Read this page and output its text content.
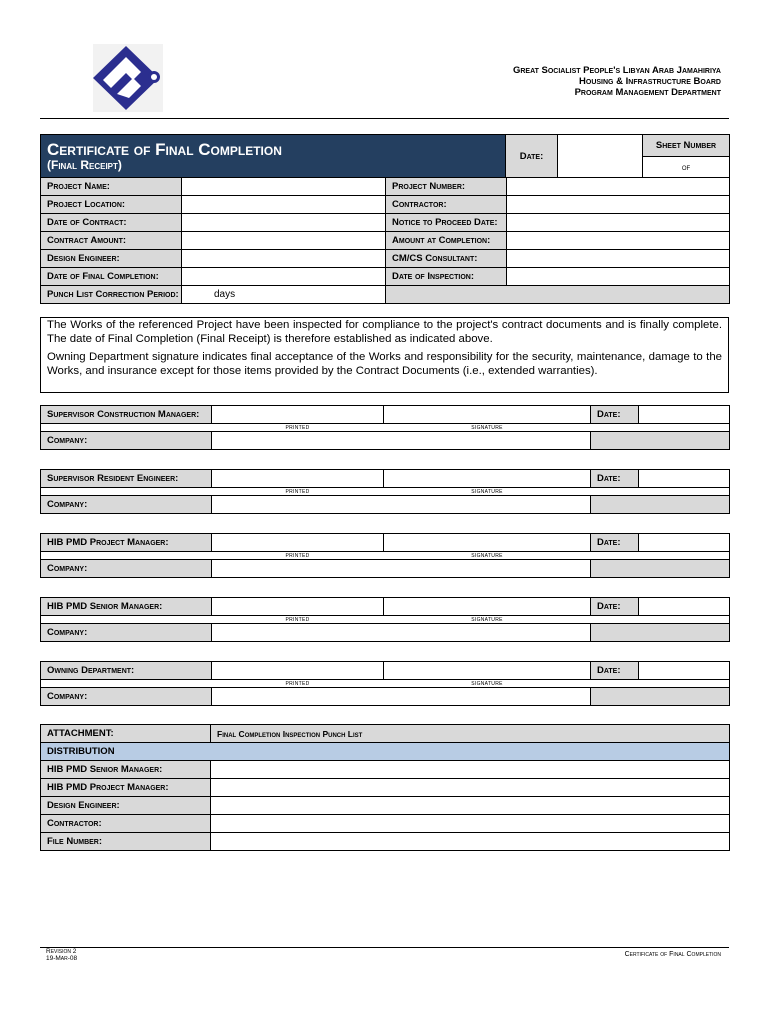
Great Socialist People's Libyan Arab Jamahiriya
Housing & Infrastructure Board
Program Management Department
Certificate of Final Completion
(Final Receipt)
	Date:		Sheet Number
of
Project Name:		Project Number:	
Project Location:		Contractor:	
Date of Contract:		Notice to Proceed Date:	
Contract Amount:		Amount at Completion:	
Design Engineer:		CM/CS Consultant:	
Date of Final Completion:		Date of Inspection:	
Punch List Correction Period:	days		

The Works of the referenced Project have been inspected for compliance to the project's contract documents and is finally complete. The date of Final Completion (Final Receipt) is therefore established as indicated above.

Owning Department signature indicates final acceptance of the Works and responsibility for the security, maintenance, damage to the Works, and insurance except for those items provided by the Contract Documents (i.e., extended warranties).

Supervisor Construction Manager:			Date:	
	printed	signature		
Company:				
Supervisor Resident Engineer:			Date:	
	printed	signature		
Company:				
HIB PMD Project Manager:			Date:	
	printed	signature		
Company:				
HIB PMD Senior Manager:			Date:	
	printed	signature		
Company:				
Owning Department:			Date:	
	printed	signature		
Company:				
ATTACHMENT:	Final Completion Inspection Punch List
DISTRIBUTION	
HIB PMD Senior Manager:	
HIB PMD Project Manager:	
Design Engineer:	
Contractor:	
File Number:	
Revision 2
19-Mar-08
Certificate of Final Completion
